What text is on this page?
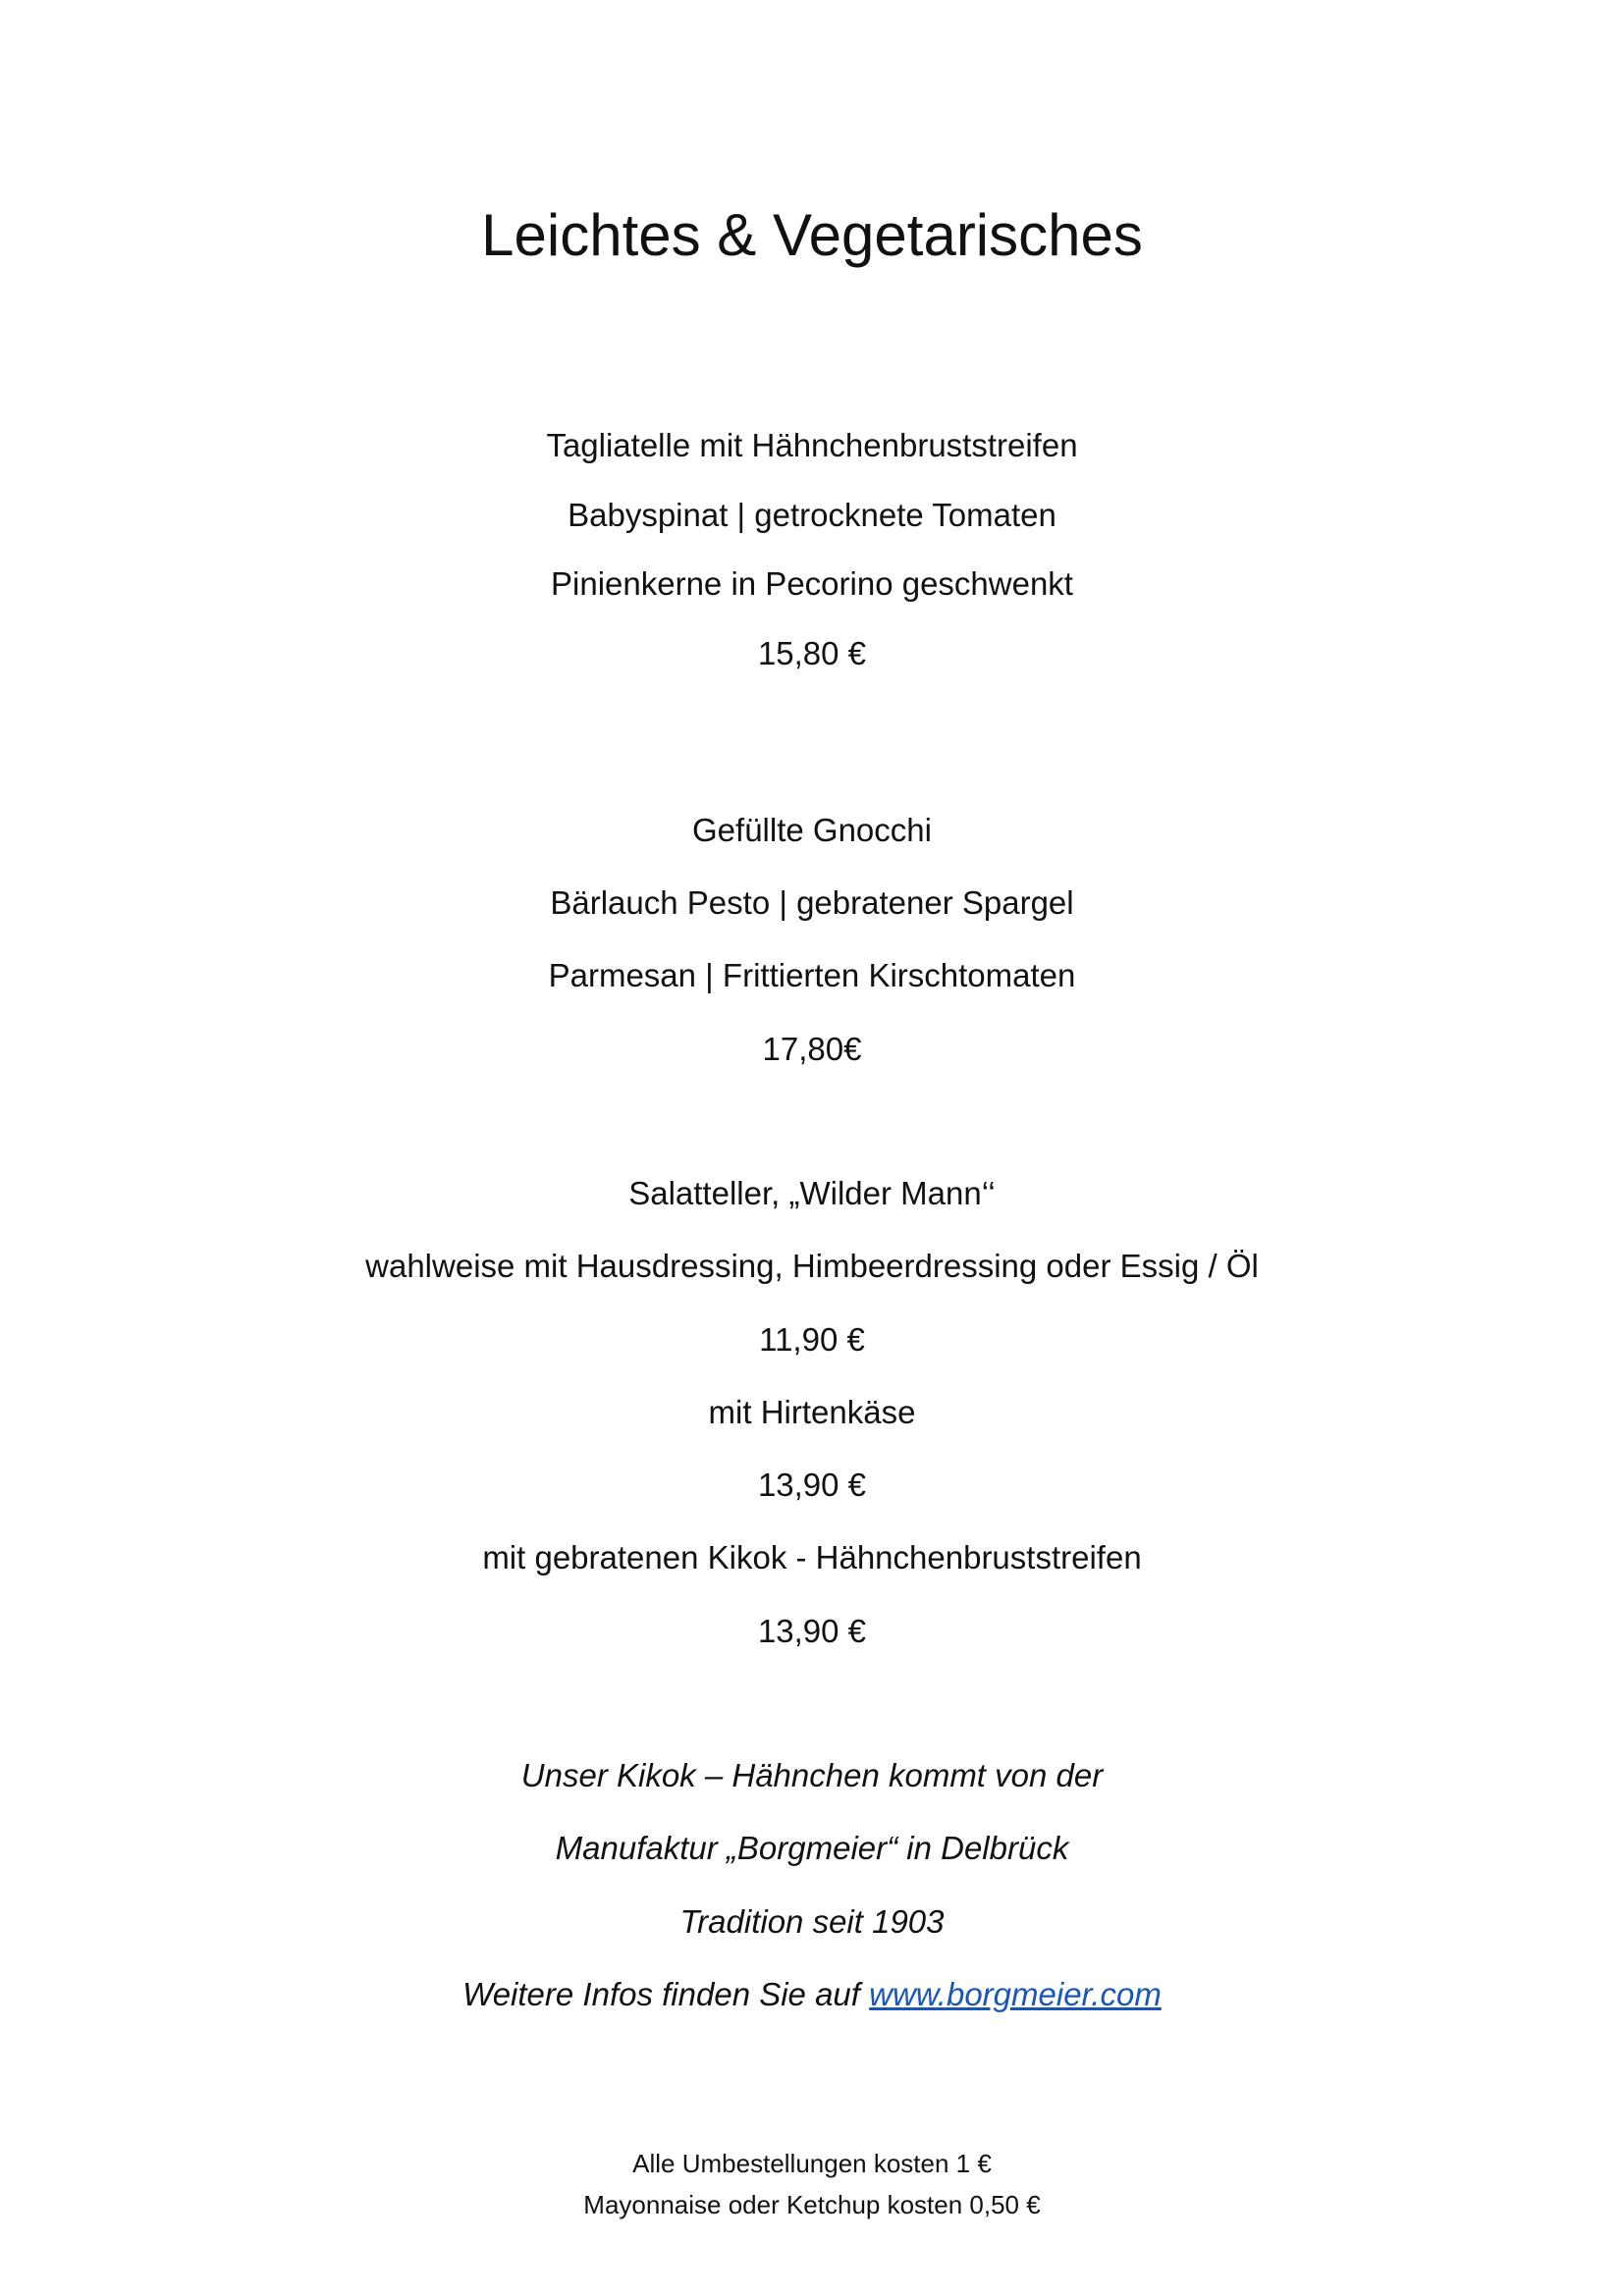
Leichtes & Vegetarisches
Tagliatelle mit Hähnchenbruststreifen
Babyspinat | getrocknete Tomaten
Pinienkerne in Pecorino geschwenkt
15,80 €
Gefüllte Gnocchi
Bärlauch Pesto | gebratener Spargel
Parmesan | Frittierten Kirschtomaten
17,80€
Salatteller, „Wilder Mann‘‘
wahlweise mit Hausdressing, Himbeerdressing oder Essig / Öl
11,90 €
mit Hirtenkäse
13,90 €
mit gebratenen Kikok - Hähnchenbruststreifen
13,90 €
Unser Kikok – Hähnchen kommt von der
Manufaktur „Borgmeier“ in Delbrück
Tradition seit 1903
Weitere Infos finden Sie auf www.borgmeier.com
Alle Umbestellungen kosten 1 €
Mayonnaise oder Ketchup kosten 0,50 €
